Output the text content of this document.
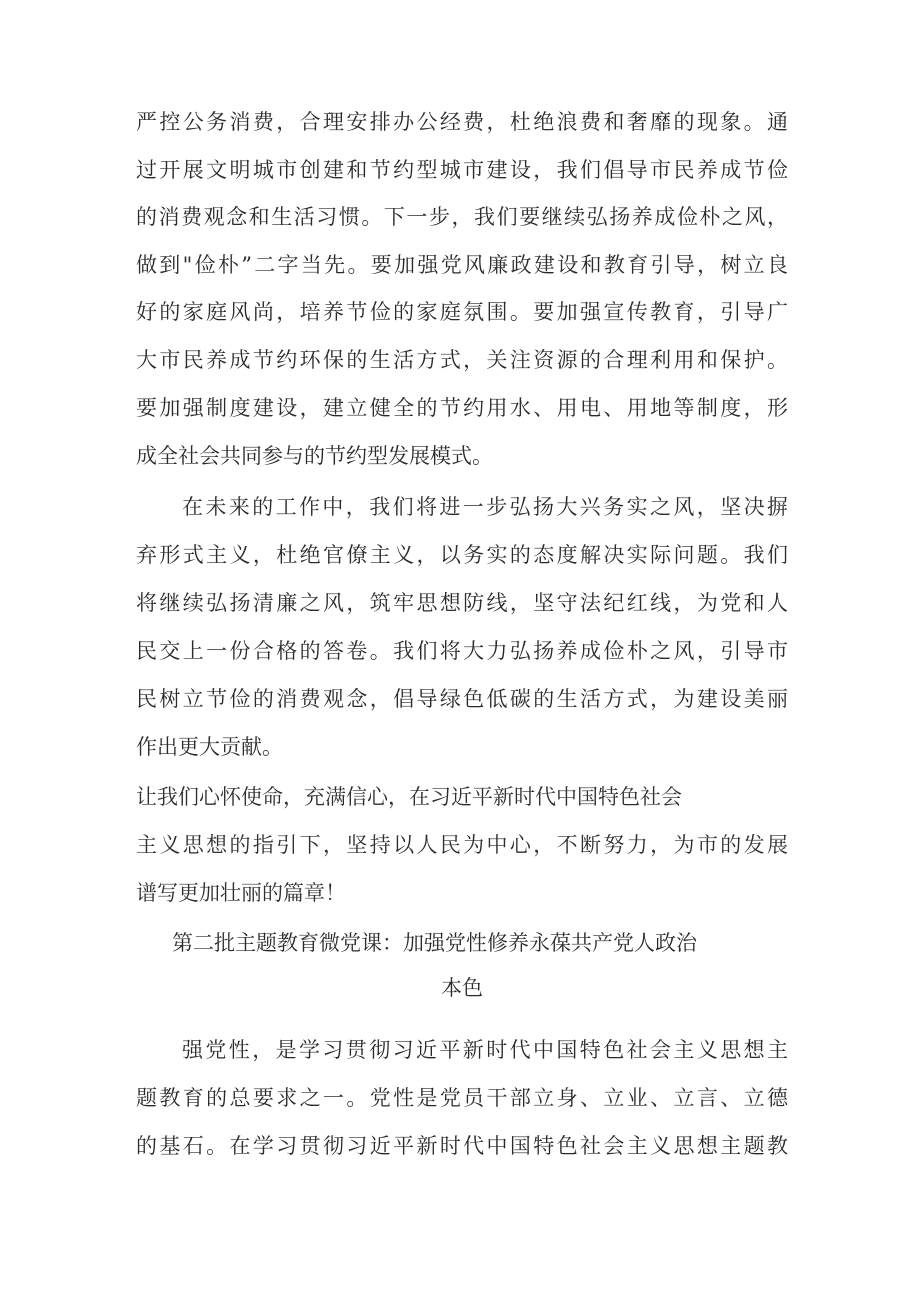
严控公务消费，合理安排办公经费，杜绝浪费和奢靡的现象。通
过开展文明城市创建和节约型城市建设，我们倡导市民养成节俭
的消费观念和生活习惯。下一步，我们要继续弘扬养成俭朴之风，
做到"俭朴”二字当先。要加强党风廉政建设和教育引导，树立良
好的家庭风尚，培养节俭的家庭氛围。要加强宣传教育，引导广
大市民养成节约环保的生活方式，关注资源的合理利用和保护。
要加强制度建设，建立健全的节约用水、用电、用地等制度，形
成全社会共同参与的节约型发展模式。
在未来的工作中，我们将进一步弘扬大兴务实之风，坚决摒
弃形式主义，杜绝官僚主义，以务实的态度解决实际问题。我们
将继续弘扬清廉之风，筑牢思想防线，坚守法纪红线，为党和人
民交上一份合格的答卷。我们将大力弘扬养成俭朴之风，引导市
民树立节俭的消费观念，倡导绿色低碳的生活方式，为建设美丽
作出更大贡献。
让我们心怀使命，充满信心，在习近平新时代中国特色社会
主义思想的指引下，坚持以人民为中心，不断努力，为市的发展
谱写更加壮丽的篇章！
第二批主题教育微党课：加强党性修养永葆共产党人政治
本色
强党性，是学习贯彻习近平新时代中国特色社会主义思想主
题教育的总要求之一。党性是党员干部立身、立业、立言、立德
的基石。在学习贯彻习近平新时代中国特色社会主义思想主题教
